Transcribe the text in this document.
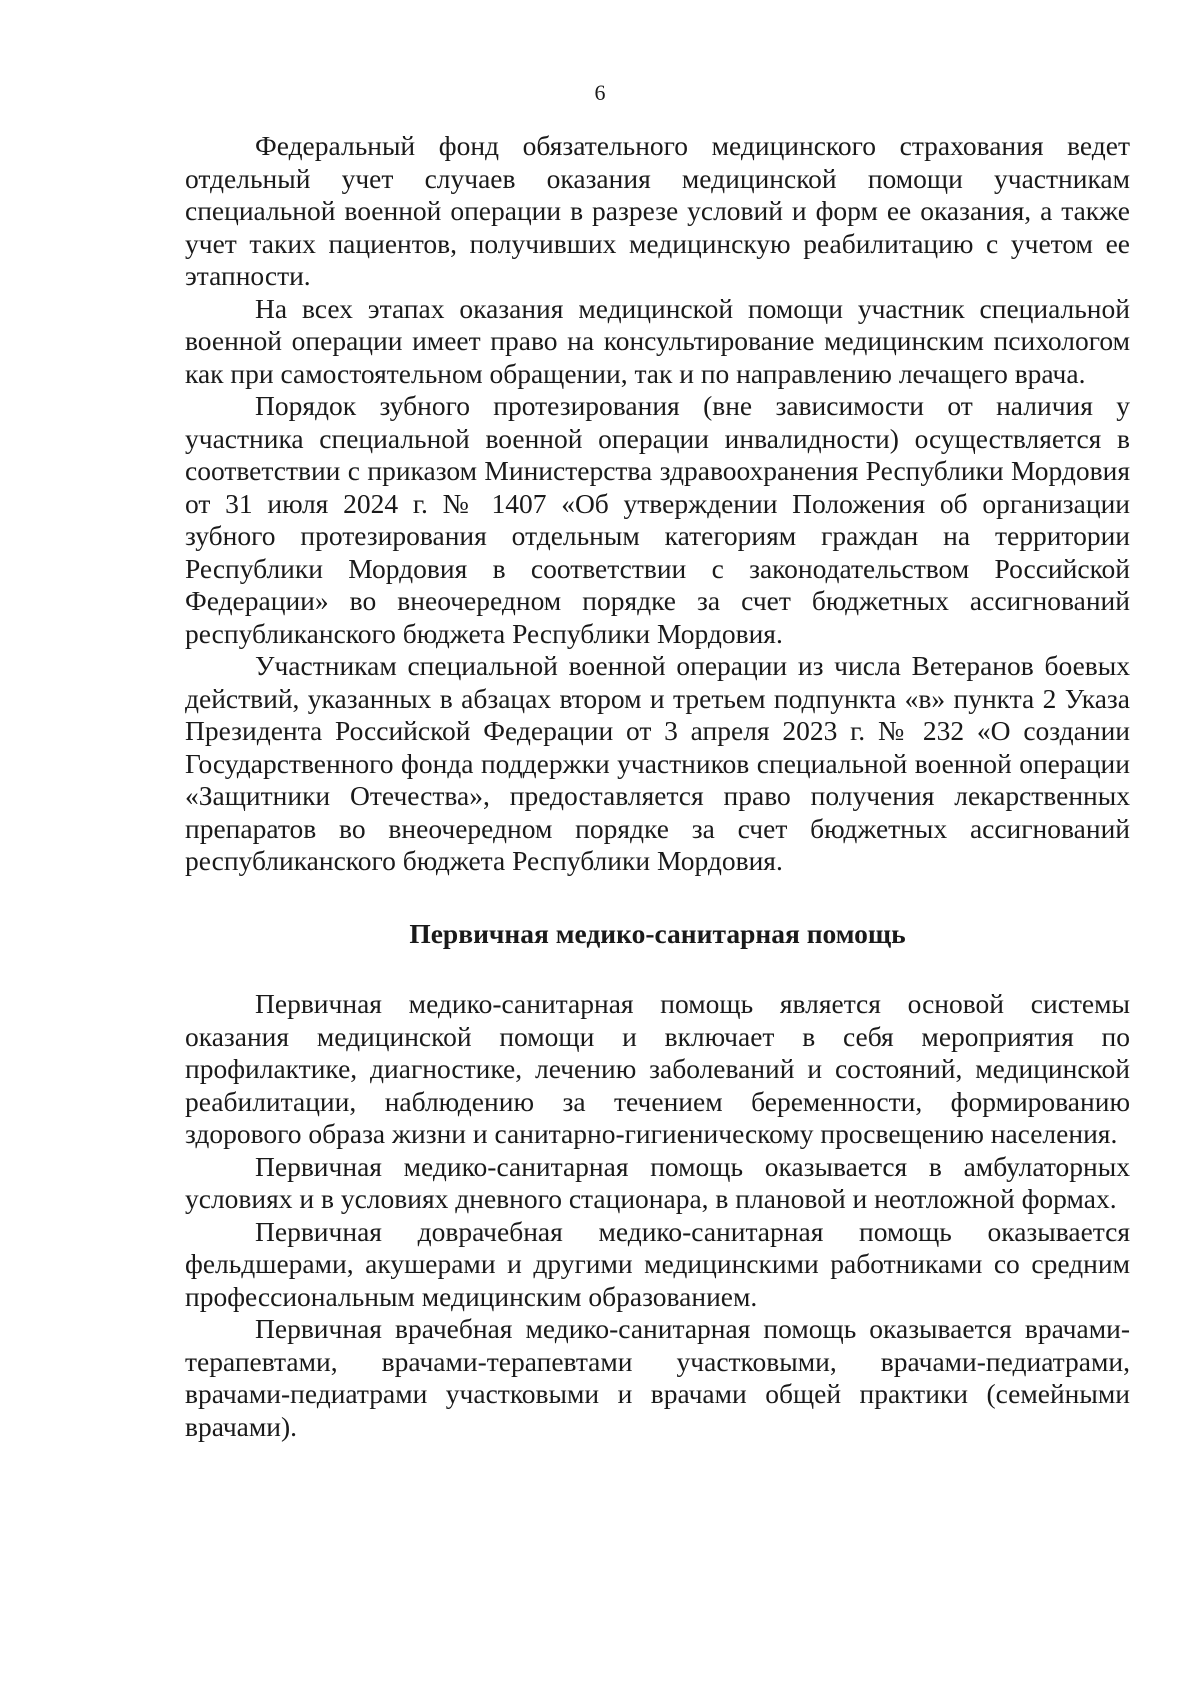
6

Федеральный фонд обязательного медицинского страхования ведет отдельный учет случаев оказания медицинской помощи участникам специальной военной операции в разрезе условий и форм ее оказания, а также учет таких пациентов, получивших медицинскую реабилитацию с учетом ее этапности.

На всех этапах оказания медицинской помощи участник специальной военной операции имеет право на консультирование медицинским психологом как при самостоятельном обращении, так и по направлению лечащего врача.

Порядок зубного протезирования (вне зависимости от наличия у участника специальной военной операции инвалидности) осуществляется в соответствии с приказом Министерства здравоохранения Республики Мордовия от 31 июля 2024 г. № 1407 «Об утверждении Положения об организации зубного протезирования отдельным категориям граждан на территории Республики Мордовия в соответствии с законодательством Российской Федерации» во внеочередном порядке за счет бюджетных ассигнований республиканского бюджета Республики Мордовия.

Участникам специальной военной операции из числа Ветеранов боевых действий, указанных в абзацах втором и третьем подпункта «в» пункта 2 Указа Президента Российской Федерации от 3 апреля 2023 г. № 232 «О создании Государственного фонда поддержки участников специальной военной операции «Защитники Отечества», предоставляется право получения лекарственных препаратов во внеочередном порядке за счет бюджетных ассигнований республиканского бюджета Республики Мордовия.

Первичная медико-санитарная помощь

Первичная медико-санитарная помощь является основой системы оказания медицинской помощи и включает в себя мероприятия по профилактике, диагностике, лечению заболеваний и состояний, медицинской реабилитации, наблюдению за течением беременности, формированию здорового образа жизни и санитарно-гигиеническому просвещению населения.

Первичная медико-санитарная помощь оказывается в амбулаторных условиях и в условиях дневного стационара, в плановой и неотложной формах.

Первичная доврачебная медико-санитарная помощь оказывается фельдшерами, акушерами и другими медицинскими работниками со средним профессиональным медицинским образованием.

Первичная врачебная медико-санитарная помощь оказывается врачами-терапевтами, врачами-терапевтами участковыми, врачами-педиатрами, врачами-педиатрами участковыми и врачами общей практики (семейными врачами).
